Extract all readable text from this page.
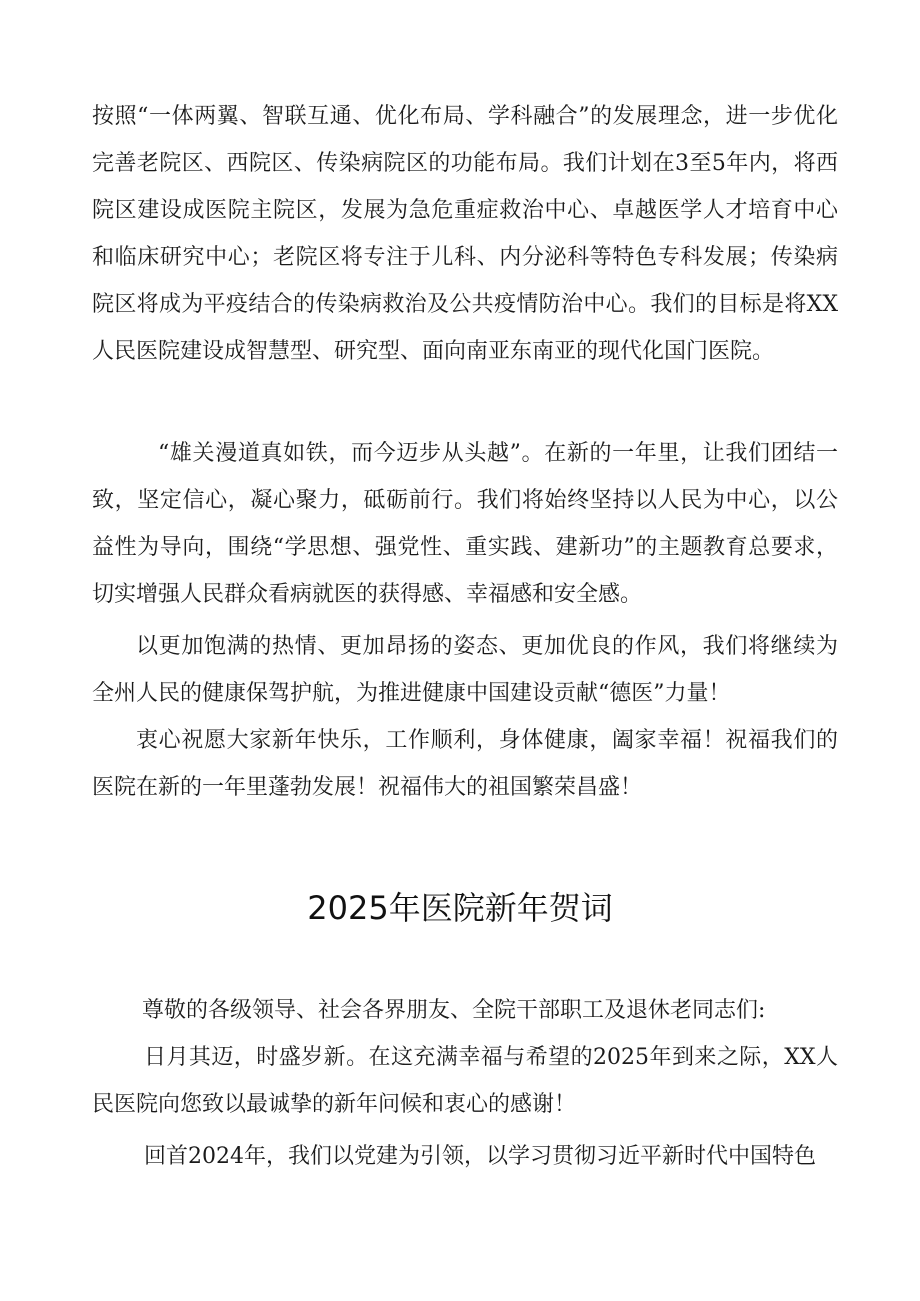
按照“一体两翼、智联互通、优化布局、学科融合”的发展理念，进一步优化完善老院区、西院区、传染病院区的功能布局。我们计划在3至5年内，将西院区建设成医院主院区，发展为急危重症救治中心、卓越医学人才培育中心和临床研究中心；老院区将专注于儿科、内分泌科等特色专科发展；传染病院区将成为平疫结合的传染病救治及公共疫情防治中心。我们的目标是将XX人民医院建设成智慧型、研究型、面向南亚东南亚的现代化国门医院。

“雄关漫道真如铁，而今迈步从头越”。在新的一年里，让我们团结一致，坚定信心，凝心聚力，砥砺前行。我们将始终坚持以人民为中心，以公益性为导向，围绕“学思想、强党性、重实践、建新功”的主题教育总要求，切实增强人民群众看病就医的获得感、幸福感和安全感。

以更加饱满的热情、更加昂扬的姿态、更加优良的作风，我们将继续为全州人民的健康保驾护航，为推进健康中国建设贡献“德医”力量！

衷心祝愿大家新年快乐，工作顺利，身体健康，阖家幸福！祝福我们的医院在新的一年里蓬勃发展！祝福伟大的祖国繁荣昌盛！

2025年医院新年贺词

尊敬的各级领导、社会各界朋友、全院干部职工及退休老同志们:

日月其迈，时盛岁新。在这充满幸福与希望的2025年到来之际，XX人民医院向您致以最诚挚的新年问候和衷心的感谢！

回首2024年，我们以党建为引领，以学习贯彻习近平新时代中国特色
